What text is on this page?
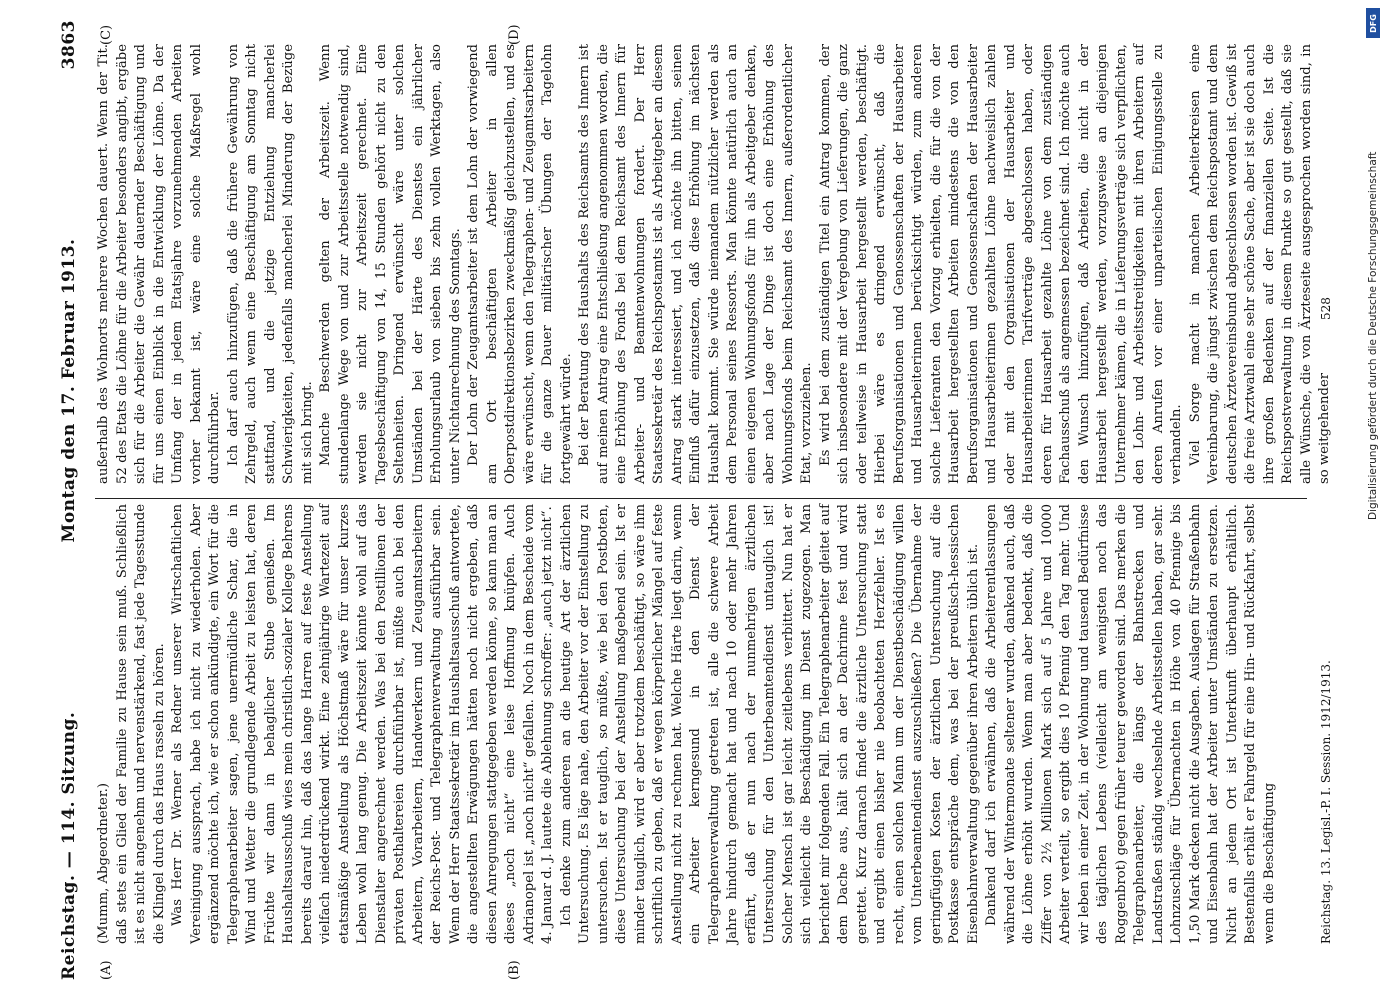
Reichstag. — 114. Sitzung.
Montag den 17. Februar 1913.
3863
(A)	(B)
(C)	(D)

(Mumm, Abgeordneter.) daß stets ein Glied der Familie zu Hause sein muß. Schließlich ist es nicht angenehm und nervenstärkend, fast jede Tagesstunde die Klingel durch das Haus rasseln zu hören. Was Herr Dr. Werner als Redner unserer Wirtschaftlichen Vereinigung aussprach, habe ich nicht zu wiederholen. Aber ergänzend möchte ich, wie er schon ankündigte, ein Wort für die Telegraphenarbeiter sagen, jene unermüdliche Schar, die in Wind und Wetter die grundlegende Arbeit zu leisten hat, deren Früchte wir dann in behaglicher Stube genießen. Im Haushaltsausschuß wies mein christlich-sozialer Kollege Behrens bereits darauf hin, daß das lange Harren auf feste Anstellung vielfach niederdrückend wirkt. Eine zehnjährige Wartezeit auf etatsmäßige Anstellung als Höchstmaß wäre für unser kurzes Leben wohl lang genug. Die Arbeitszeit könnte wohl auf das Dienstalter angerechnet werden. Was bei den Postillionen der privaten Posthaltereien durchführbar ist, müßte auch bei den Arbeitern, Vorarbeitern, Handwerkern und Zeugamtsarbeitern der Reichs-Post- und Telegraphenverwaltung ausführbar sein. Wenn der Herr Staatssekretär im Haushaltsausschuß antwortete, die angestellten Erwägungen hätten noch nicht ergeben, daß diesen Anregungen stattgegeben werden könne, so kann man an dieses „noch nicht“ eine leise Hoffnung knüpfen. Auch Adrianopel ist „noch nicht“ gefallen. Noch in dem Bescheide vom 4. Januar d. J. lautete die Ablehnung schroffer: „auch jetzt nicht“. Ich denke zum anderen an die heutige Art der ärztlichen Untersuchung. Es läge nahe, den Arbeiter vor der Einstellung zu untersuchen. Ist er tauglich, so müßte, wie bei den Postboten, diese Untersuchung bei der Anstellung maßgebend sein. Ist er minder tauglich, wird er aber trotzdem beschäftigt, so wäre ihm schriftlich zu geben, daß er wegen körperlicher Mängel auf feste Anstellung nicht zu rechnen hat. Welche Härte liegt darin, wenn ein Arbeiter kerngesund in den Dienst der Telegraphenverwaltung getreten ist, alle die schwere Arbeit Jahre hindurch gemacht hat und nach 10 oder mehr Jahren erfährt, daß er nun nach der nunmehrigen ärztlichen Untersuchung für den Unterbeamtendienst untauglich ist! Solcher Mensch ist gar leicht zeitlebens verbittert. Nun hat er sich vielleicht die Beschädigung im Dienst zugezogen. Man berichtet mir folgenden Fall. Ein Telegraphenarbeiter gleitet auf dem Dache aus, hält sich an der Dachrinne fest und wird gerettet. Kurz darnach findet die ärztliche Untersuchung statt und ergibt einen bisher nie beobachteten Herzfehler. Ist es recht, einen solchen Mann um der Dienstbeschädigung willen vom Unterbeamtendienst auszuschließen? Die Übernahme der geringfügigen Kosten der ärztlichen Untersuchung auf die Postkasse entspräche dem, was bei der preußisch-hessischen Eisenbahnverwaltung gegenüber ihren Arbeitern üblich ist. Dankend darf ich erwähnen, daß die Arbeiterentlassungen während der Wintermonate seltener wurden, dankend auch, daß die Löhne erhöht wurden. Wenn man aber bedenkt, daß die Ziffer von 2½ Millionen Mark sich auf 5 Jahre und 10000 Arbeiter verteilt, so ergibt dies 10 Pfennig den Tag mehr. Und wir leben in einer Zeit, in der Wohnung und tausend Bedürfnisse des täglichen Lebens (vielleicht am wenigsten noch das Roggenbrot) gegen früher teurer geworden sind. Das merken die Telegraphenarbeiter, die längs der Bahnstrecken und Landstraßen ständig wechselnde Arbeitsstellen haben, gar sehr. Lohnzuschläge für Übernachten in Höhe von 40 Pfennige bis 1,50 Mark decken nicht die Ausgaben. Auslagen für Straßenbahn und Eisenbahn hat der Arbeiter unter Umständen zu ersetzen. Nicht an jedem Ort ist Unterkunft überhaupt erhältlich. Bestenfalls erhält er Fahrgeld für eine Hin- und Rückfahrt, selbst wenn die Beschäftigung

außerhalb des Wohnorts mehrere Wochen dauert. Wenn der Tit. 52 des Etats die Löhne für die Arbeiter besonders angibt, ergäbe sich für die Arbeiter die Gewähr dauernder Beschäftigung und für uns einen Einblick in die Entwicklung der Löhne. Da der Umfang der in jedem Etatsjahre vorzunehmenden Arbeiten vorher bekannt ist, wäre eine solche Maßregel wohl durchführbar. Ich darf auch hinzufügen, daß die frühere Gewährung von Zehrgeld, auch wenn eine Beschäftigung am Sonntag nicht stattfand, und die jetzige Entziehung mancherlei Schwierigkeiten, jedenfalls mancherlei Minderung der Bezüge mit sich bringt. Manche Beschwerden gelten der Arbeitszeit. Wenn stundenlange Wege von und zur Arbeitsstelle notwendig sind, werden sie nicht zur Arbeitszeit gerechnet. Eine Tagesbeschäftigung von 14, 15 Stunden gehört nicht zu den Seltenheiten. Dringend erwünscht wäre unter solchen Umständen bei der Härte des Dienstes ein jährlicher Erholungsurlaub von sieben bis zehn vollen Werktagen, also unter Nichtanrechnung des Sonntags. Der Lohn der Zeugamtsarbeiter ist dem Lohn der vorwiegend am Ort beschäftigten Arbeiter in allen Oberpostdirektionsbezirken zweckmäßig gleichzustellen, und es wäre erwünscht, wenn den Telegraphen- und Zeugamtsarbeitern für die ganze Dauer militärischer Übungen der Tagelohn fortgewährt würde. Bei der Beratung des Haushalts des Reichsamts des Innern ist auf meinen Antrag eine Entschließung angenommen worden, die eine Erhöhung des Fonds bei dem Reichsamt des Innern für Arbeiter- und Beamtenwohnungen fordert. Der Herr Staatssekretär des Reichspostamts ist als Arbeitgeber an diesem Antrag stark interessiert, und ich möchte ihn bitten, seinen Einfluß dafür einzusetzen, daß diese Erhöhung im nächsten Haushalt kommt. Sie würde niemandem nützlicher werden als dem Personal seines Ressorts. Man könnte natürlich auch an einen eigenen Wohnungsfonds für ihn als Arbeitgeber denken, aber nach Lage der Dinge ist doch eine Erhöhung des Wohnungsfonds beim Reichsamt des Innern, außerordentlicher Etat, vorzuziehen. Es wird bei dem zuständigen Titel ein Antrag kommen, der sich insbesondere mit der Vergebung von Lieferungen, die ganz oder teilweise in Hausarbeit hergestellt werden, beschäftigt. Hierbei wäre es dringend erwünscht, daß die Berufsorganisationen und Genossenschaften der Hausarbeiter und Hausarbeiterinnen berücksichtigt würden, zum anderen solche Lieferanten den Vorzug erhielten, die für die von der Hausarbeit hergestellten Arbeiten mindestens die von den Berufsorganisationen und Genossenschaften der Hausarbeiter und Hausarbeiterinnen gezahlten Löhne nachweislich zahlen oder mit den Organisationen der Hausarbeiter und Hausarbeiterinnen Tarifverträge abgeschlossen haben, oder deren für Hausarbeit gezahlte Löhne von dem zuständigen Fachausschuß als angemessen bezeichnet sind. Ich möchte auch den Wunsch hinzufügen, daß Arbeiten, die nicht in der Hausarbeit hergestellt werden, vorzugsweise an diejenigen Unternehmer kämen, die in Lieferungsverträge sich verpflichten, den Lohn- und Arbeitsstreitigkeiten mit ihren Arbeitern auf deren Anrufen vor einer unparteiischen Einigungsstelle zu verhandeln. Viel Sorge macht in manchen Arbeiterkreisen eine Vereinbarung, die jüngst zwischen dem Reichspostamt und dem deutschen Ärztevereinsbund abgeschlossen worden ist. Gewiß ist die freie Arztwahl eine sehr schöne Sache, aber ist sie doch auch ihre großen Bedenken auf der finanziellen Seite. Ist die Reichspostverwaltung in diesem Punkte so gut gestellt, daß sie alle Wünsche, die von Ärzteseite ausgesprochen worden sind, in so weitgehender

Reichstag. 13. Legisl.-P. I. Session. 1912/1913.
528
DFG
Digitalisierung gefördert durch die Deutsche Forschungsgemeinschaft
